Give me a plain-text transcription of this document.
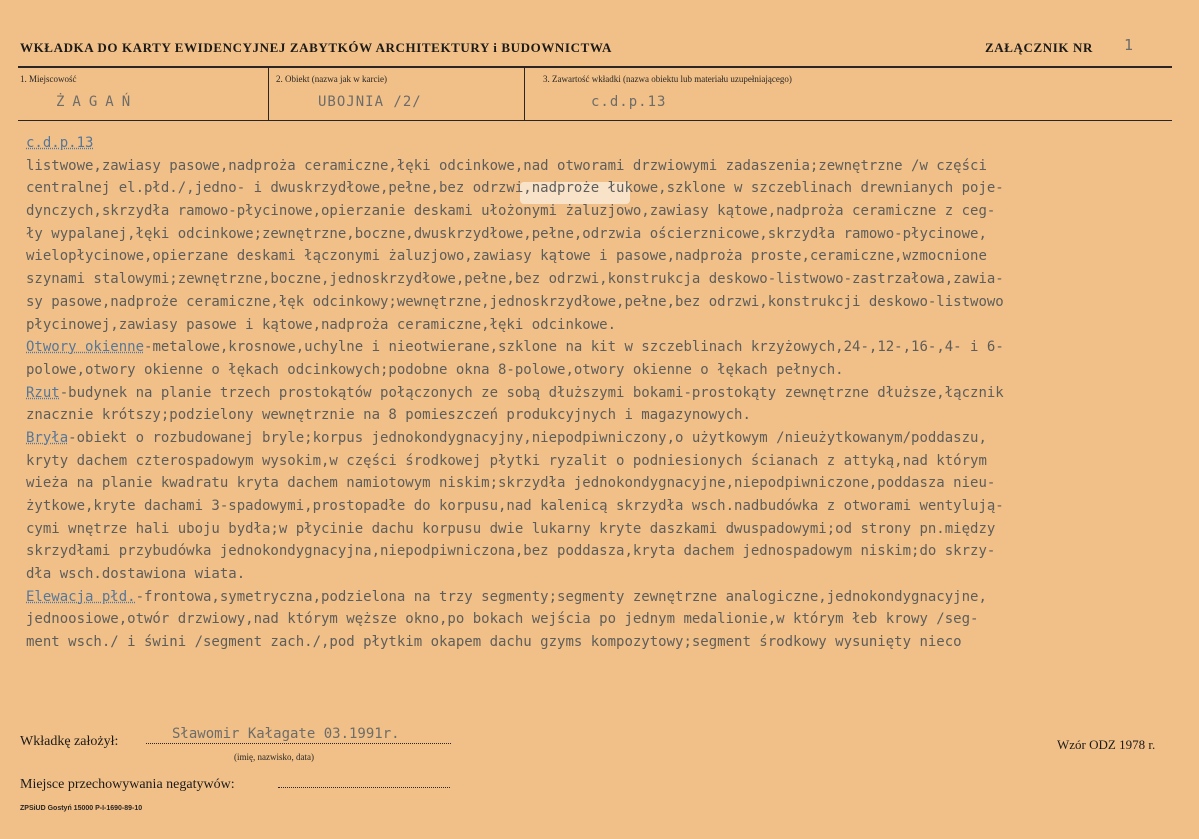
WKŁADKA DO KARTY EWIDENCYJNEJ ZABYTKÓW ARCHITEKTURY i BUDOWNICTWA	ZAŁĄCZNIK NR 1
1. Miejscowość	2. Obiekt (nazwa jak w karcie)	3. Zawartość wkładki (nazwa obiektu lub materiału uzupełniającego)
ŻAGAŃ	UBOJNIA /2/	c.d.p.13
c.d.p.13
listwowe,zawiasy pasowe,nadproża ceramiczne,łęki odcinkowe,nad otworami drzwiowymi zadaszenia;zewnętrzne /w części
centralnej el.płd./,jedno- i dwuskrzydłowe,pełne,bez odrzwi,nadproże łukowe,szklone w szczeblinach drewnianych poje-
dynczych,skrzydła ramowo-płycinowe,opierzanie deskami ułożonymi żaluzjowo,zawiasy kątowe,nadproża ceramiczne z ceg-
ły wypalanej,łęki odcinkowe;zewnętrzne,boczne,dwuskrzydłowe,pełne,odrzwia ościerznicowe,skrzydła ramowo-płycinowe,
wielopłycinowe,opierzane deskami łączonymi żaluzjowo,zawiasy kątowe i pasowe,nadproża proste,ceramiczne,wzmocnione
szynami stalowymi;zewnętrzne,boczne,jednoskrzydłowe,pełne,bez odrzwi,konstrukcja deskowo-listwowo-zastrzałowa,zawia-
sy pasowe,nadproże ceramiczne,łęk odcinkowy;wewnętrzne,jednoskrzydłowe,pełne,bez odrzwi,konstrukcji deskowo-listwowo
płycinowej,zawiasy pasowe i kątowe,nadproża ceramiczne,łęki odcinkowe.
Otwory okienne-metalowe,krosnowe,uchylne i nieotwierane,szklone na kit w szczeblinach krzyżowych,24-,12-,16-,4- i 6-
polowe,otwory okienne o łękach odcinkowych;podobne okna 8-polowe,otwory okienne o łękach pełnych.
Rzut-budynek na planie trzech prostokątów połączonych ze sobą dłuższymi bokami-prostokąty zewnętrzne dłuższe,łącznik
znacznie krótszy;podzielony wewnętrznie na 8 pomieszczeń produkcyjnych i magazynowych.
Bryła-obiekt o rozbudowanej bryle;korpus jednokondygnacyjny,niepodpiwniczony,o użytkowym /nieużytkowanym/poddaszu,
kryty dachem czterospadowym wysokim,w części środkowej płytki ryzalit o podniesionych ścianach z attyką,nad którym
wieża na planie kwadratu kryta dachem namiotowym niskim;skrzydła jednokondygnacyjne,niepodpiwniczone,poddasza nieu-
żytkowe,kryte dachami 3-spadowymi,prostopadłe do korpusu,nad kalenicą skrzydła wsch.nadbudówka z otworami wentylują-
cymi wnętrze hali uboju bydła;w płycinie dachu korpusu dwie lukarny kryte daszkami dwuspadowymi;od strony pn.między
skrzydłami przybudówka jednokondygnacyjna,niepodpiwniczona,bez poddasza,kryta dachem jednospadowym niskim;do skrzy-
dła wsch.dostawiona wiata.
Elewacja płd.-frontowa,symetryczna,podzielona na trzy segmenty;segmenty zewnętrzne analogiczne,jednokondygnacyjne,
jednoosiowe,otwór drzwiowy,nad którym węższe okno,po bokach wejścia po jednym medalionie,w którym łeb krowy /seg-
ment wsch./ i świni /segment zach./,pod płytkim okapem dachu gzyms kompozytowy;segment środkowy wysunięty nieco
Wkładkę założył:	Sławomir Kałagate 03.1991r.
(imię, nazwisko, data)
Wzór ODZ 1978 r.
Miejsce przechowywania negatywów:
ZPSiUD Gostyń 15000 P-I-1690-89-10
